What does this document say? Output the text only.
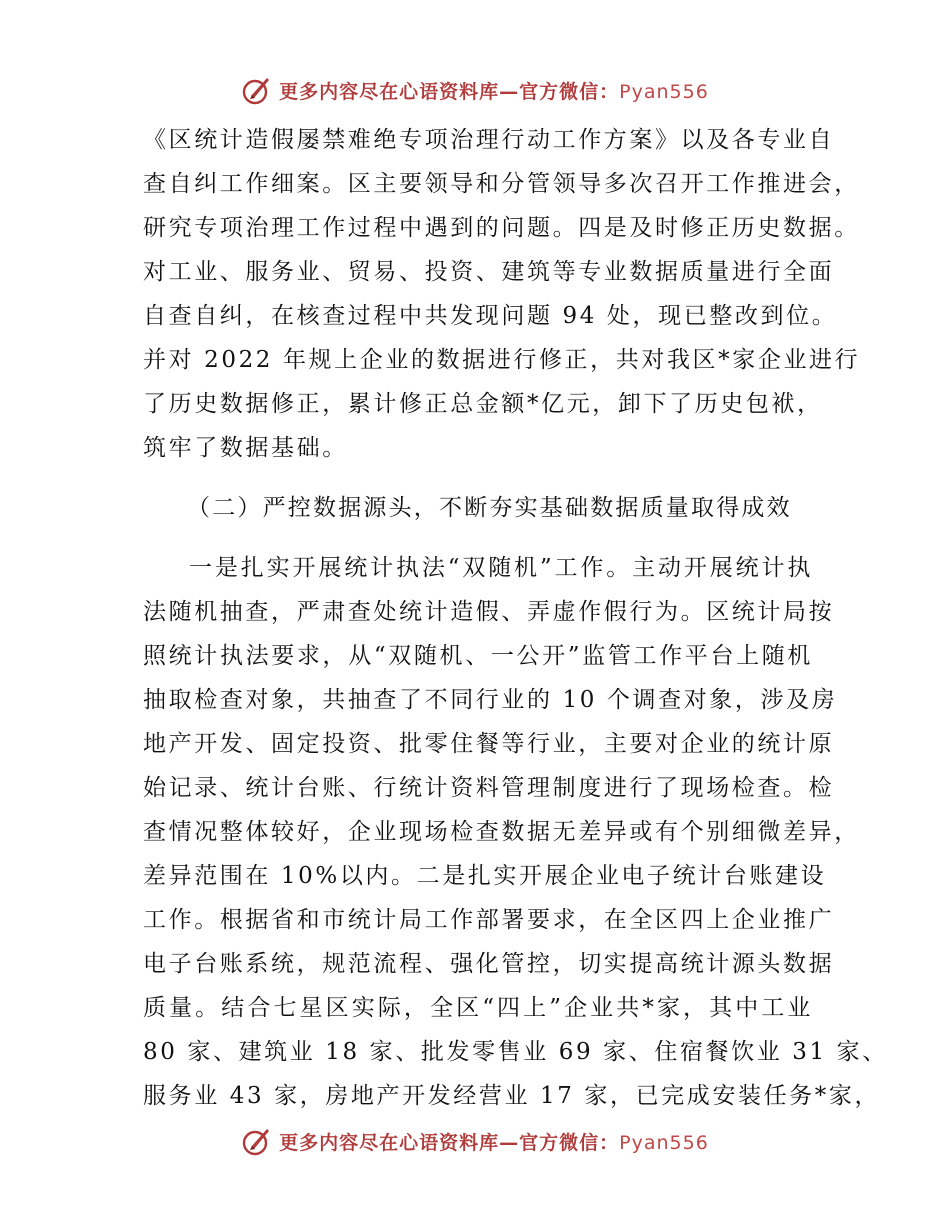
更多内容尽在心语资料库—官方微信：Pyan556
《区统计造假屡禁难绝专项治理行动工作方案》以及各专业自
查自纠工作细案。区主要领导和分管领导多次召开工作推进会，
研究专项治理工作过程中遇到的问题。四是及时修正历史数据。
对工业、服务业、贸易、投资、建筑等专业数据质量进行全面
自查自纠，在核查过程中共发现问题 94 处，现已整改到位。
并对 2022 年规上企业的数据进行修正，共对我区*家企业进行
了历史数据修正，累计修正总金额*亿元，卸下了历史包袱，
筑牢了数据基础。
（二）严控数据源头，不断夯实基础数据质量取得成效
一是扎实开展统计执法“双随机”工作。主动开展统计执
法随机抽查，严肃查处统计造假、弄虚作假行为。区统计局按
照统计执法要求，从“双随机、一公开”监管工作平台上随机
抽取检查对象，共抽查了不同行业的 10 个调查对象，涉及房
地产开发、固定投资、批零住餐等行业，主要对企业的统计原
始记录、统计台账、行统计资料管理制度进行了现场检查。检
查情况整体较好，企业现场检查数据无差异或有个别细微差异，
差异范围在 10%以内。二是扎实开展企业电子统计台账建设
工作。根据省和市统计局工作部署要求，在全区四上企业推广
电子台账系统，规范流程、强化管控，切实提高统计源头数据
质量。结合七星区实际，全区“四上”企业共*家，其中工业
80 家、建筑业 18 家、批发零售业 69 家、住宿餐饮业 31 家、
服务业 43 家，房地产开发经营业 17 家，已完成安装任务*家，
更多内容尽在心语资料库—官方微信：Pyan556
